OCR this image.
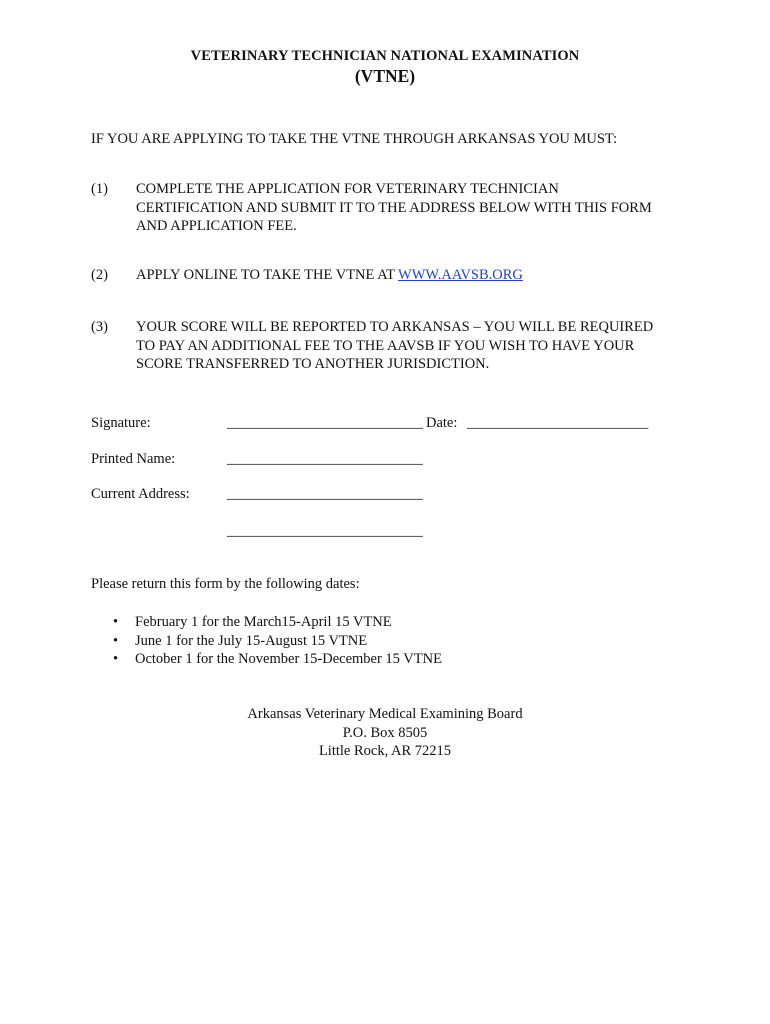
VETERINARY TECHNICIAN NATIONAL EXAMINATION
(VTNE)
IF YOU ARE APPLYING TO TAKE THE VTNE THROUGH ARKANSAS YOU MUST:
(1) COMPLETE THE APPLICATION FOR VETERINARY TECHNICIAN
CERTIFICATION AND SUBMIT IT TO THE ADDRESS BELOW WITH THIS FORM
AND APPLICATION FEE.
(2) APPLY ONLINE TO TAKE THE VTNE AT WWW.AAVSB.ORG
(3) YOUR SCORE WILL BE REPORTED TO ARKANSAS – YOU WILL BE REQUIRED
TO PAY AN ADDITIONAL FEE TO THE AAVSB IF YOU WISH TO HAVE YOUR
SCORE TRANSFERRED TO ANOTHER JURISDICTION.
Signature:	___________________________ Date: _________________________
Printed Name:	___________________________
Current Address:	___________________________
___________________________
Please return this form by the following dates:
• February 1 for the March15-April 15 VTNE
• June 1 for the July 15-August 15 VTNE
• October 1 for the November 15-December 15 VTNE
Arkansas Veterinary Medical Examining Board
P.O. Box 8505
Little Rock, AR 72215
